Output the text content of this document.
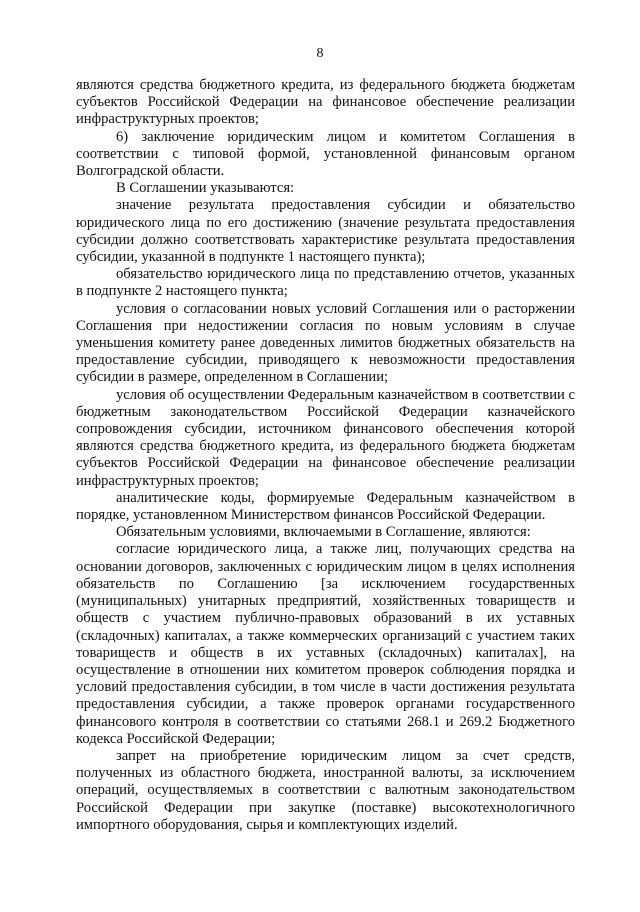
8

являются средства бюджетного кредита, из федерального бюджета бюджетам субъектов Российской Федерации на финансовое обеспечение реализации инфраструктурных проектов;

6) заключение юридическим лицом и комитетом Соглашения в соответствии с типовой формой, установленной финансовым органом Волгоградской области.

В Соглашении указываются:

значение результата предоставления субсидии и обязательство юридического лица по его достижению (значение результата предоставления субсидии должно соответствовать характеристике результата предоставления субсидии, указанной в подпункте 1 настоящего пункта);

обязательство юридического лица по представлению отчетов, указанных в подпункте 2 настоящего пункта;

условия о согласовании новых условий Соглашения или о расторжении Соглашения при недостижении согласия по новым условиям в случае уменьшения комитету ранее доведенных лимитов бюджетных обязательств на предоставление субсидии, приводящего к невозможности предоставления субсидии в размере, определенном в Соглашении;

условия об осуществлении Федеральным казначейством в соответствии с бюджетным законодательством Российской Федерации казначейского сопровождения субсидии, источником финансового обеспечения которой являются средства бюджетного кредита, из федерального бюджета бюджетам субъектов Российской Федерации на финансовое обеспечение реализации инфраструктурных проектов;

аналитические коды, формируемые Федеральным казначейством в порядке, установленном Министерством финансов Российской Федерации.

Обязательным условиями, включаемыми в Соглашение, являются:

согласие юридического лица, а также лиц, получающих средства на основании договоров, заключенных с юридическим лицом в целях исполнения обязательств по Соглашению [за исключением государственных (муниципальных) унитарных предприятий, хозяйственных товариществ и обществ с участием публично-правовых образований в их уставных (складочных) капиталах, а также коммерческих организаций с участием таких товариществ и обществ в их уставных (складочных) капиталах], на осуществление в отношении них комитетом проверок соблюдения порядка и условий предоставления субсидии, в том числе в части достижения результата предоставления субсидии, а также проверок органами государственного финансового контроля в соответствии со статьями 268.1 и 269.2 Бюджетного кодекса Российской Федерации;

запрет на приобретение юридическим лицом за счет средств, полученных из областного бюджета, иностранной валюты, за исключением операций, осуществляемых в соответствии с валютным законодательством Российской Федерации при закупке (поставке) высокотехнологичного импортного оборудования, сырья и комплектующих изделий.
